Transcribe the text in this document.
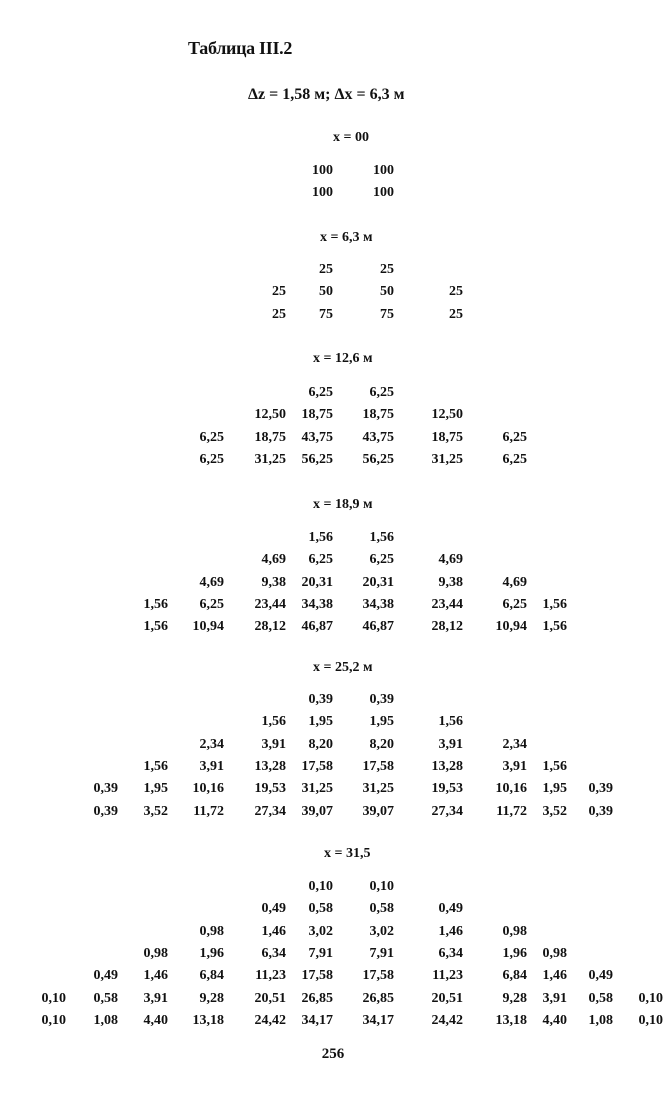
Таблица III.2
Δz = 1,58 м; Δx = 6,3 м
x = 00
100	100
100	100
x = 6,3 м
25	25
25	50	50	25
25	75	75	25
x = 12,6 м
6,25	6,25
12,50	18,75	18,75	12,50
6,25	18,75	43,75	43,75	18,75	6,25
6,25	31,25	56,25	56,25	31,25	6,25
x = 18,9 м
1,56	1,56
4,69	6,25	6,25	4,69
4,69	9,38	20,31	20,31	9,38	4,69
1,56	6,25	23,44	34,38	34,38	23,44	6,25	1,56
1,56	10,94	28,12	46,87	46,87	28,12	10,94	1,56
x = 25,2 м
0,39	0,39
1,56	1,95	1,95	1,56
2,34	3,91	8,20	8,20	3,91	2,34
1,56	3,91	13,28	17,58	17,58	13,28	3,91	1,56
0,39	1,95	10,16	19,53	31,25	31,25	19,53	10,16	1,95	0,39
0,39	3,52	11,72	27,34	39,07	39,07	27,34	11,72	3,52	0,39
x = 31,5
0,10	0,10
0,49	0,58	0,58	0,49
0,98	1,46	3,02	3,02	1,46	0,98
0,98	1,96	6,34	7,91	7,91	6,34	1,96	0,98
0,49	1,46	6,84	11,23	17,58	17,58	11,23	6,84	1,46	0,49
0,10	0,58	3,91	9,28	20,51	26,85	26,85	20,51	9,28	3,91	0,58	0,10
0,10	1,08	4,40	13,18	24,42	34,17	34,17	24,42	13,18	4,40	1,08	0,10
256
